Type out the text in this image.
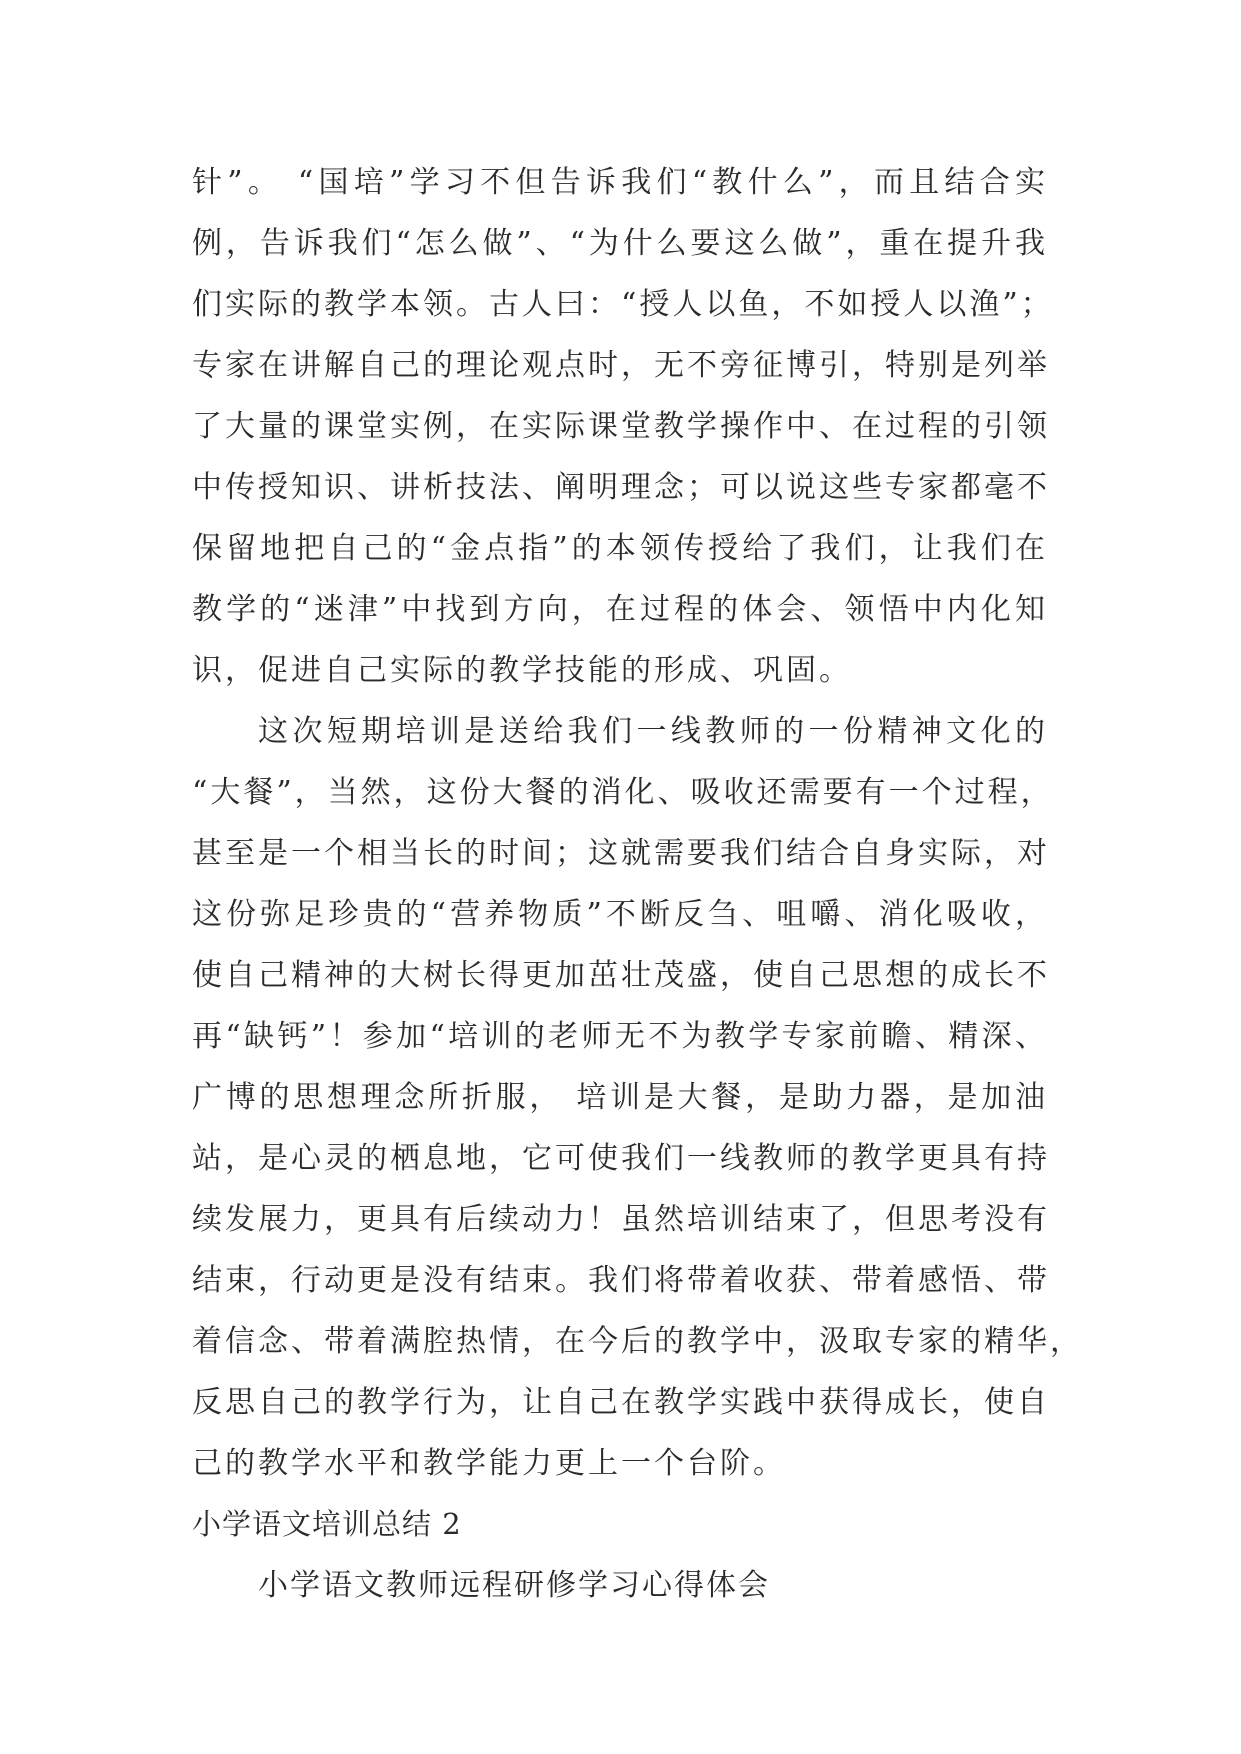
针”。 “国培”学习不但告诉我们“教什么”，而且结合实
例，告诉我们“怎么做”、“为什么要这么做”，重在提升我
们实际的教学本领。古人曰：“授人以鱼，不如授人以渔”；
专家在讲解自己的理论观点时，无不旁征博引，特别是列举
了大量的课堂实例，在实际课堂教学操作中、在过程的引领
中传授知识、讲析技法、阐明理念；可以说这些专家都毫不
保留地把自己的“金点指”的本领传授给了我们，让我们在
教学的“迷津”中找到方向，在过程的体会、领悟中内化知
识，促进自己实际的教学技能的形成、巩固。
这次短期培训是送给我们一线教师的一份精神文化的
“大餐”，当然，这份大餐的消化、吸收还需要有一个过程，
甚至是一个相当长的时间；这就需要我们结合自身实际，对
这份弥足珍贵的“营养物质”不断反刍、咀嚼、消化吸收，
使自己精神的大树长得更加茁壮茂盛，使自己思想的成长不
再“缺钙”！参加“培训的老师无不为教学专家前瞻、精深、
广博的思想理念所折服， 培训是大餐，是助力器，是加油
站，是心灵的栖息地，它可使我们一线教师的教学更具有持
续发展力，更具有后续动力！虽然培训结束了，但思考没有
结束，行动更是没有结束。我们将带着收获、带着感悟、带
着信念、带着满腔热情，在今后的教学中，汲取专家的精华，
反思自己的教学行为，让自己在教学实践中获得成长，使自
己的教学水平和教学能力更上一个台阶。
小学语文培训总结 2
小学语文教师远程研修学习心得体会
